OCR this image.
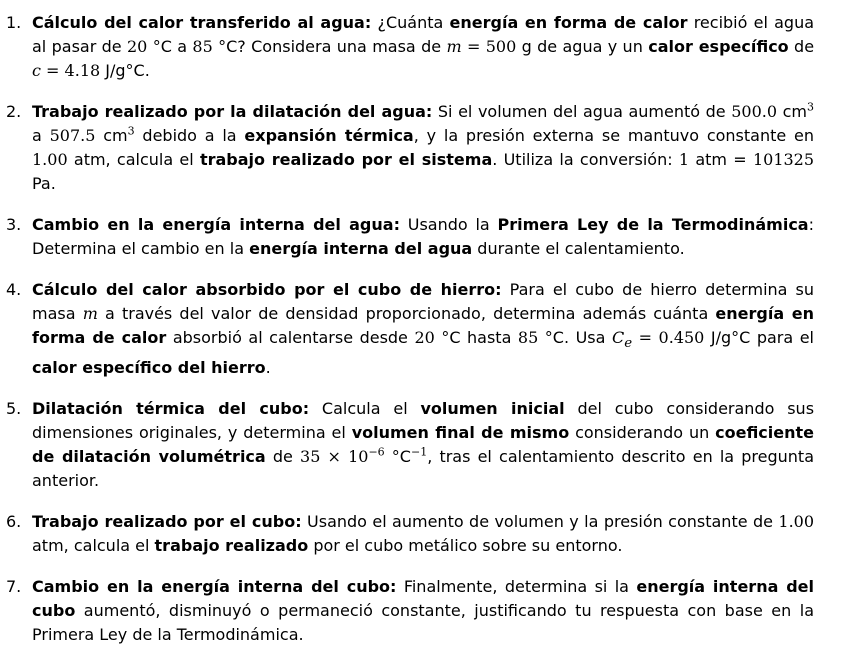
1. Cálculo del calor transferido al agua: ¿Cuánta energía en forma de calor recibió el agua al pasar de 20 °C a 85 °C? Considera una masa de m = 500 g de agua y un calor específico de c = 4.18 J/g°C.
2. Trabajo realizado por la dilatación del agua: Si el volumen del agua aumentó de 500.0 $cm^3$ a 507.5 $cm^3$ debido a la expansión térmica, y la presión externa se mantuvo constante en 1.00 atm, calcula el trabajo realizado por el sistema. Utiliza la conversión: 1 atm = 101325 Pa.
3. Cambio en la energía interna del agua: Usando la Primera Ley de la Termodinámica: Determina el cambio en la energía interna del agua durante el calentamiento.
4. Cálculo del calor absorbido por el cubo de hierro: Para el cubo de hierro determina su masa m a través del valor de densidad proporcionado, determina además cuánta energía en forma de calor absorbió al calentarse desde 20 °C hasta 85 °C. Usa $C_e = 0.450$ J/g°C para el calor específico del hierro.
5. Dilatación térmica del cubo: Calcula el volumen inicial del cubo considerando sus dimensiones originales, y determina el volumen final de mismo considerando un coeficiente de dilatación volumétrica de $35 \times 10^{-6}$ $^\circ C^{-1}$, tras el calentamiento descrito en la pregunta anterior.
6. Trabajo realizado por el cubo: Usando el aumento de volumen y la presión constante de 1.00 atm, calcula el trabajo realizado por el cubo metálico sobre su entorno.
7. Cambio en la energía interna del cubo: Finalmente, determina si la energía interna del cubo aumentó, disminuyó o permaneció constante, justificando tu respuesta con base en la Primera Ley de la Termodinámica.
